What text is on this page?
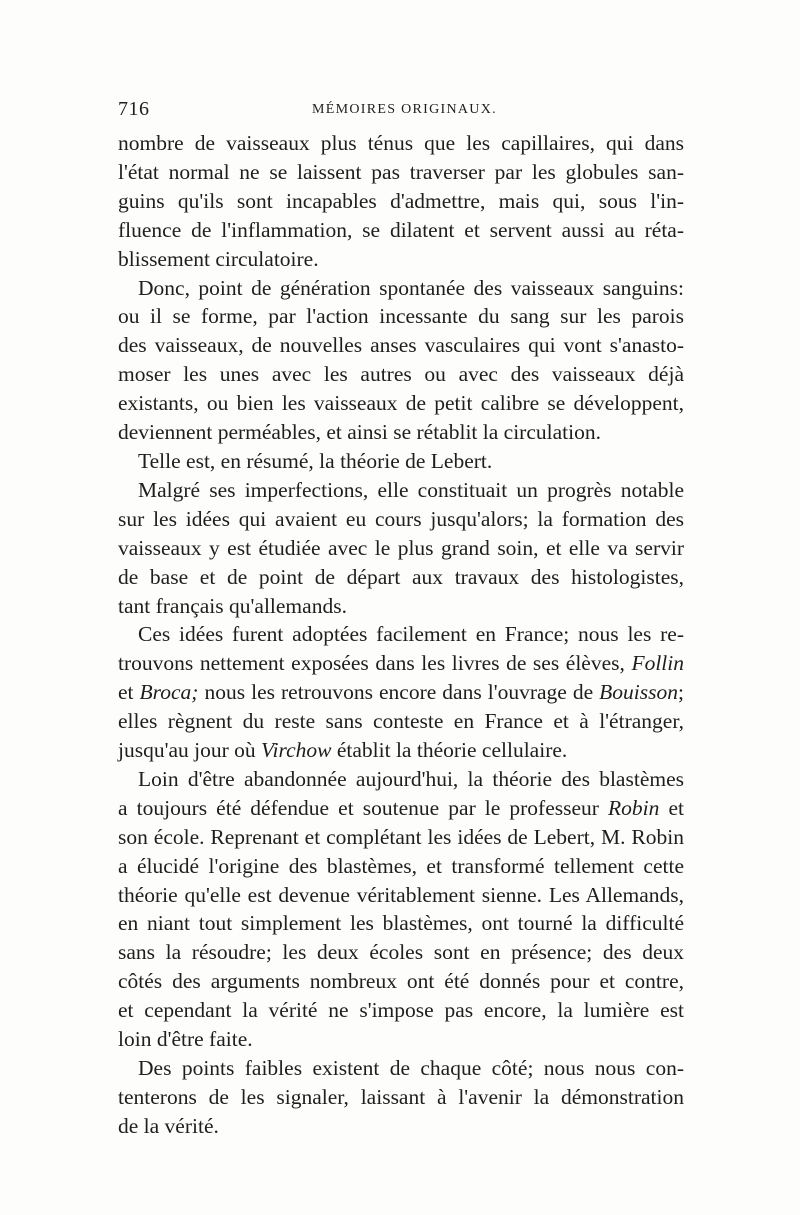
716	MÉMOIRES ORIGINAUX.
nombre de vaisseaux plus ténus que les capillaires, qui dans
l'état normal ne se laissent pas traverser par les globules san-
guins qu'ils sont incapables d'admettre, mais qui, sous l'in-
fluence de l'inflammation, se dilatent et servent aussi au réta-
blissement circulatoire.
Donc, point de génération spontanée des vaisseaux sanguins:
ou il se forme, par l'action incessante du sang sur les parois
des vaisseaux, de nouvelles anses vasculaires qui vont s'anasto-
moser les unes avec les autres ou avec des vaisseaux déjà
existants, ou bien les vaisseaux de petit calibre se développent,
deviennent perméables, et ainsi se rétablit la circulation.
Telle est, en résumé, la théorie de Lebert.
Malgré ses imperfections, elle constituait un progrès notable
sur les idées qui avaient eu cours jusqu'alors; la formation des
vaisseaux y est étudiée avec le plus grand soin, et elle va servir
de base et de point de départ aux travaux des histologistes,
tant français qu'allemands.
Ces idées furent adoptées facilement en France; nous les re-
trouvons nettement exposées dans les livres de ses élèves, Follin
et Broca; nous les retrouvons encore dans l'ouvrage de Bouisson;
elles règnent du reste sans conteste en France et à l'étranger,
jusqu'au jour où Virchow établit la théorie cellulaire.
Loin d'être abandonnée aujourd'hui, la théorie des blastèmes
a toujours été défendue et soutenue par le professeur Robin et
son école. Reprenant et complétant les idées de Lebert, M. Robin
a élucidé l'origine des blastèmes, et transformé tellement cette
théorie qu'elle est devenue véritablement sienne. Les Allemands,
en niant tout simplement les blastèmes, ont tourné la difficulté
sans la résoudre; les deux écoles sont en présence; des deux
côtés des arguments nombreux ont été donnés pour et contre,
et cependant la vérité ne s'impose pas encore, la lumière est
loin d'être faite.
Des points faibles existent de chaque côté; nous nous con-
tenterons de les signaler, laissant à l'avenir la démonstration
de la vérité.
